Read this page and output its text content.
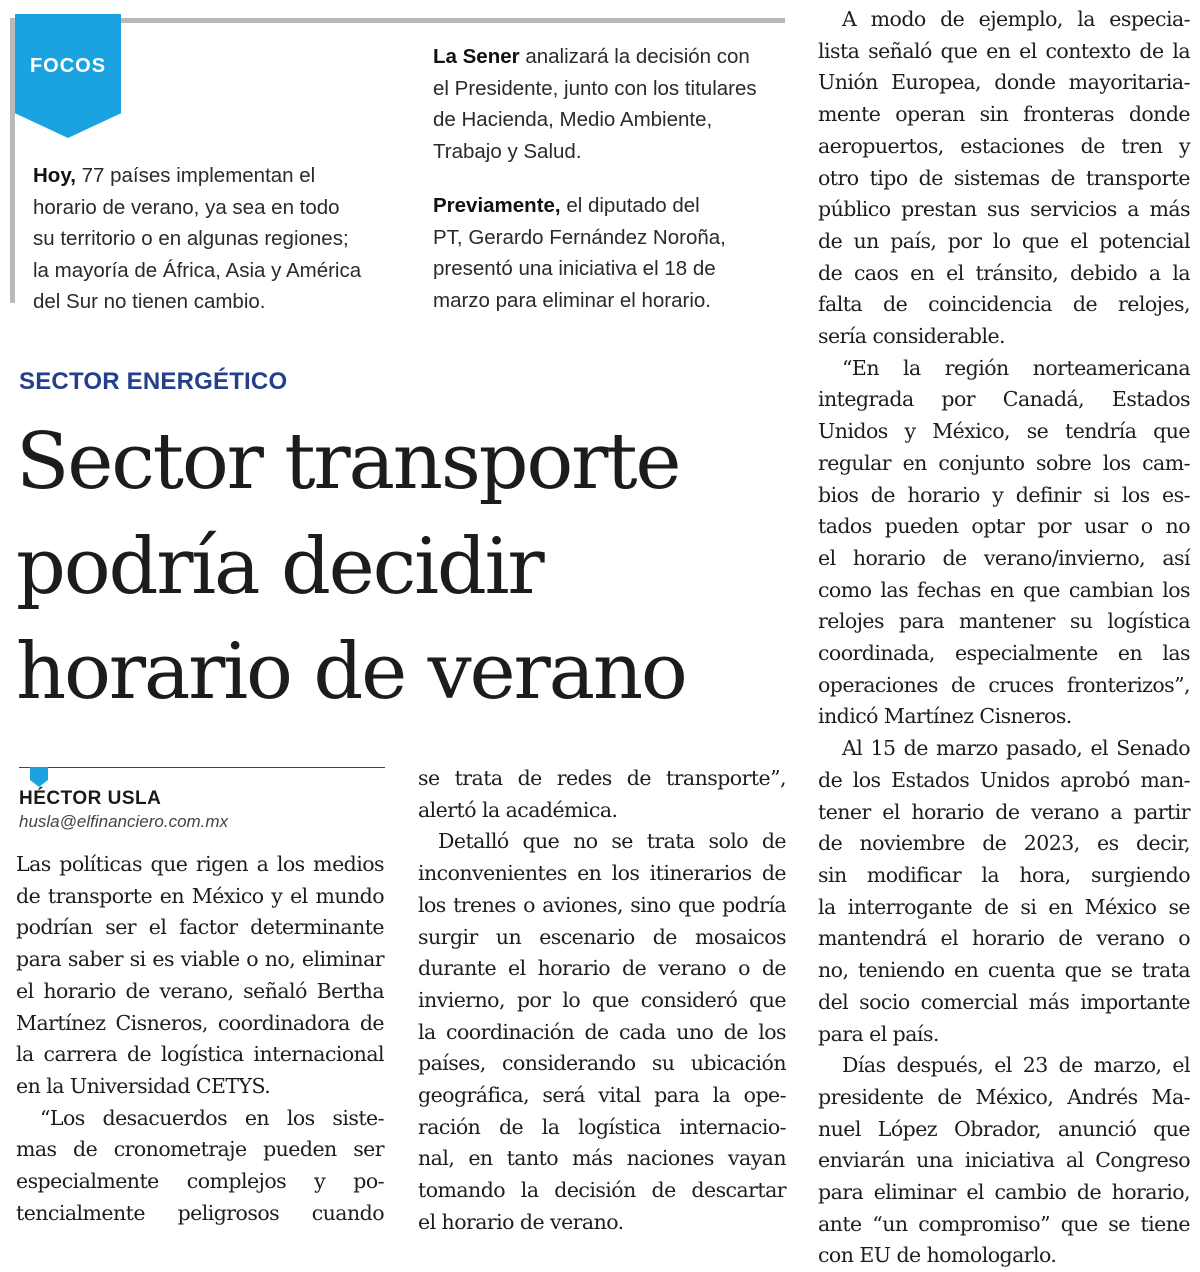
FOCOS
Hoy, 77 países implementan el
horario de verano, ya sea en todo
su territorio o en algunas regiones;
la mayoría de África, Asia y América
del Sur no tienen cambio.
La Sener analizará la decisión con
el Presidente, junto con los titulares
de Hacienda, Medio Ambiente,
Trabajo y Salud.
Previamente, el diputado del
PT, Gerardo Fernández Noroña,
presentó una iniciativa el 18 de
marzo para eliminar el horario.
SECTOR ENERGÉTICO
Sector transporte
podría decidir
horario de verano
HÉCTOR USLA
husla@elfinanciero.com.mx

Las políticas que rigen a los medios
de transporte en México y el mundo
podrían ser el factor determinante
para saber si es viable o no, eliminar
el horario de verano, señaló Bertha
Martínez Cisneros, coordinadora de
la carrera de logística internacional
en la Universidad CETYS.

“Los desacuerdos en los siste-
mas de cronometraje pueden ser
especialmente complejos y po-
tencialmente peligrosos cuando

se trata de redes de transporte”,
alertó la académica.

Detalló que no se trata solo de
inconvenientes en los itinerarios de
los trenes o aviones, sino que podría
surgir un escenario de mosaicos
durante el horario de verano o de
invierno, por lo que consideró que
la coordinación de cada uno de los
países, considerando su ubicación
geográfica, será vital para la ope-
ración de la logística internacio-
nal, en tanto más naciones vayan
tomando la decisión de descartar
el horario de verano.

A modo de ejemplo, la especia-
lista señaló que en el contexto de la
Unión Europea, donde mayoritaria-
mente operan sin fronteras donde
aeropuertos, estaciones de tren y
otro tipo de sistemas de transporte
público prestan sus servicios a más
de un país, por lo que el potencial
de caos en el tránsito, debido a la
falta de coincidencia de relojes,
sería considerable.

“En la región norteamericana
integrada por Canadá, Estados
Unidos y México, se tendría que
regular en conjunto sobre los cam-
bios de horario y definir si los es-
tados pueden optar por usar o no
el horario de verano/invierno, así
como las fechas en que cambian los
relojes para mantener su logística
coordinada, especialmente en las
operaciones de cruces fronterizos”,
indicó Martínez Cisneros.

Al 15 de marzo pasado, el Senado
de los Estados Unidos aprobó man-
tener el horario de verano a partir
de noviembre de 2023, es decir,
sin modificar la hora, surgiendo
la interrogante de si en México se
mantendrá el horario de verano o
no, teniendo en cuenta que se trata
del socio comercial más importante
para el país.

Días después, el 23 de marzo, el
presidente de México, Andrés Ma-
nuel López Obrador, anunció que
enviarán una iniciativa al Congreso
para eliminar el cambio de horario,
ante “un compromiso” que se tiene
con EU de homologarlo.
